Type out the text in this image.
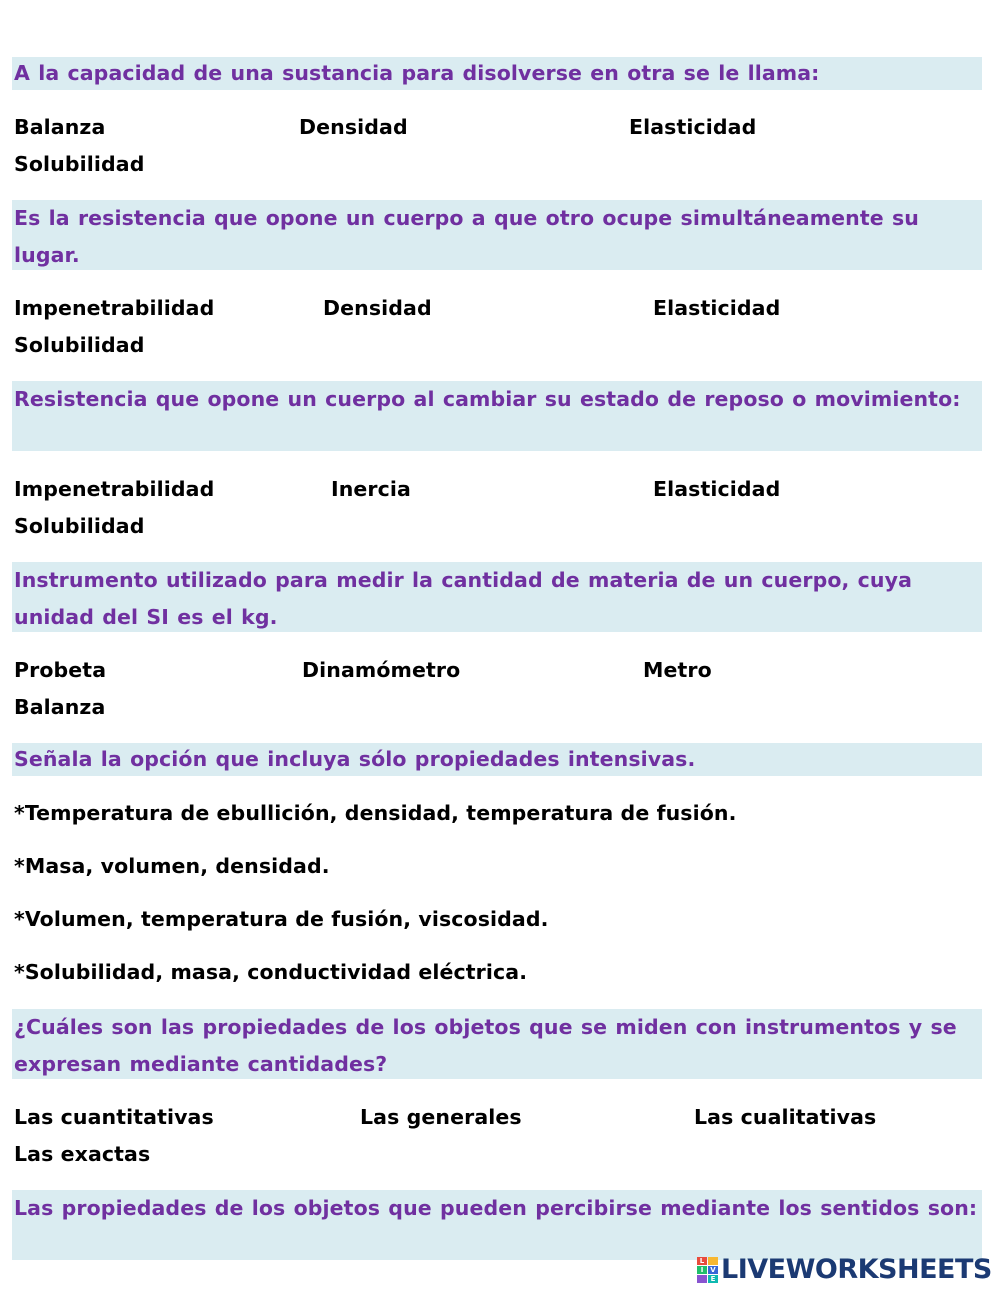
A la capacidad de una sustancia para disolverse en otra se le llama:
Balanza	Densidad	Elasticidad
Solubilidad
Es la resistencia que opone un cuerpo a que otro ocupe simultáneamente su lugar.
Impenetrabilidad	Densidad	Elasticidad
Solubilidad
Resistencia que opone un cuerpo al cambiar su estado de reposo o movimiento:
Impenetrabilidad	Inercia	Elasticidad
Solubilidad
Instrumento utilizado para medir la cantidad de materia de un cuerpo, cuya unidad del SI es el kg.
Probeta	Dinamómetro	Metro
Balanza
Señala la opción que incluya sólo propiedades intensivas.
*Temperatura de ebullición, densidad, temperatura de fusión.
*Masa, volumen, densidad.
*Volumen, temperatura de fusión, viscosidad.
*Solubilidad, masa, conductividad eléctrica.
¿Cuáles son las propiedades de los objetos que se miden con instrumentos y se expresan mediante cantidades?
Las cuantitativas	Las generales	Las cualitativas
Las exactas
Las propiedades de los objetos que pueden percibirse mediante los sentidos son:
L
I V
E LIVEWORKSHEETS
